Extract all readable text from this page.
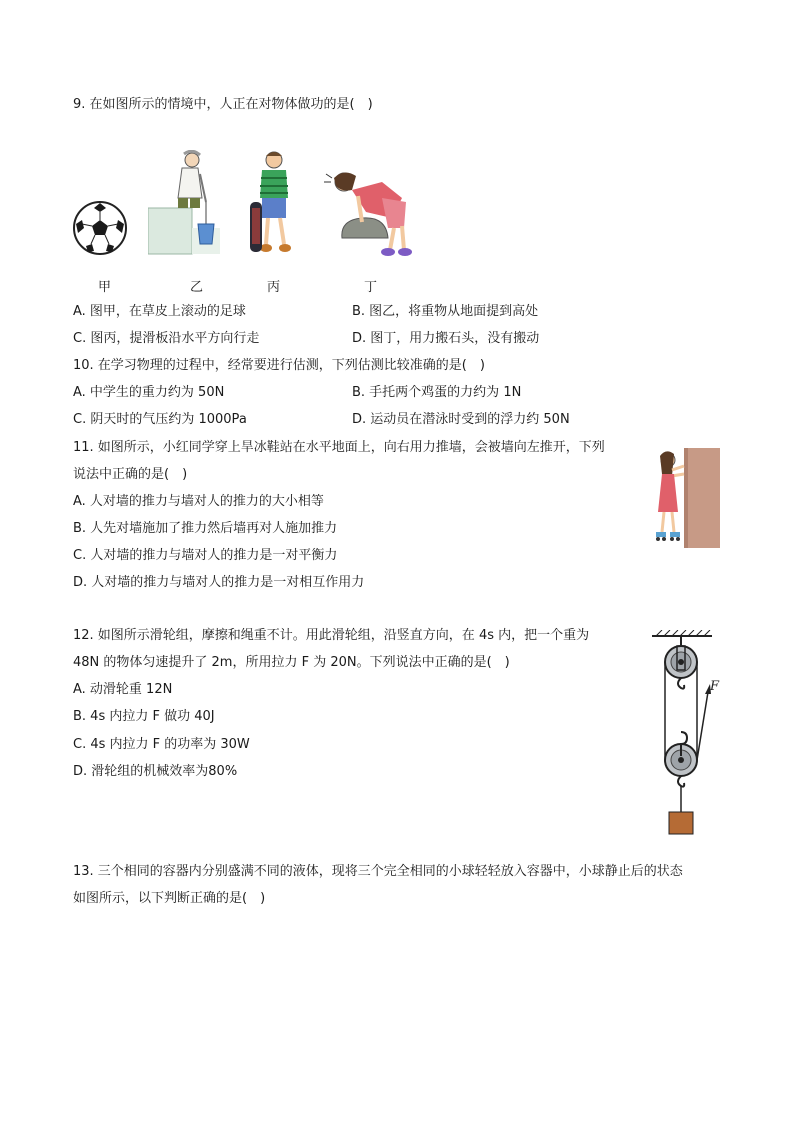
9. 在如图所示的情境中，人正在对物体做功的是(　)
甲	乙	丙	丁
A. 图甲，在草皮上滚动的足球	B. 图乙，将重物从地面提到高处
C. 图丙，提滑板沿水平方向行走	D. 图丁，用力搬石头，没有搬动
10. 在学习物理的过程中，经常要进行估测，下列估测比较准确的是(　)
A. 中学生的重力约为 50N	B. 手托两个鸡蛋的力约为 1N
C. 阴天时的气压约为 1000Pa	D. 运动员在潜泳时受到的浮力约 50N
11. 如图所示，小红同学穿上旱冰鞋站在水平地面上，向右用力推墙，会被墙向左推开，下列
说法中正确的是(　)
A. 人对墙的推力与墙对人的推力的大小相等
B. 人先对墙施加了推力然后墙再对人施加推力
C. 人对墙的推力与墙对人的推力是一对平衡力
D. 人对墙的推力与墙对人的推力是一对相互作用力
12. 如图所示滑轮组，摩擦和绳重不计。用此滑轮组，沿竖直方向，在 4s 内，把一个重为
48N 的物体匀速提升了 2m，所用拉力 F 为 20N。下列说法中正确的是(　)
A. 动滑轮重 12N
B. 4s 内拉力 F 做功 40J
C. 4s 内拉力 F 的功率为 30W
D. 滑轮组的机械效率为80%
F
13. 三个相同的容器内分别盛满不同的液体，现将三个完全相同的小球轻轻放入容器中，小球静止后的状态
如图所示，以下判断正确的是(　)
